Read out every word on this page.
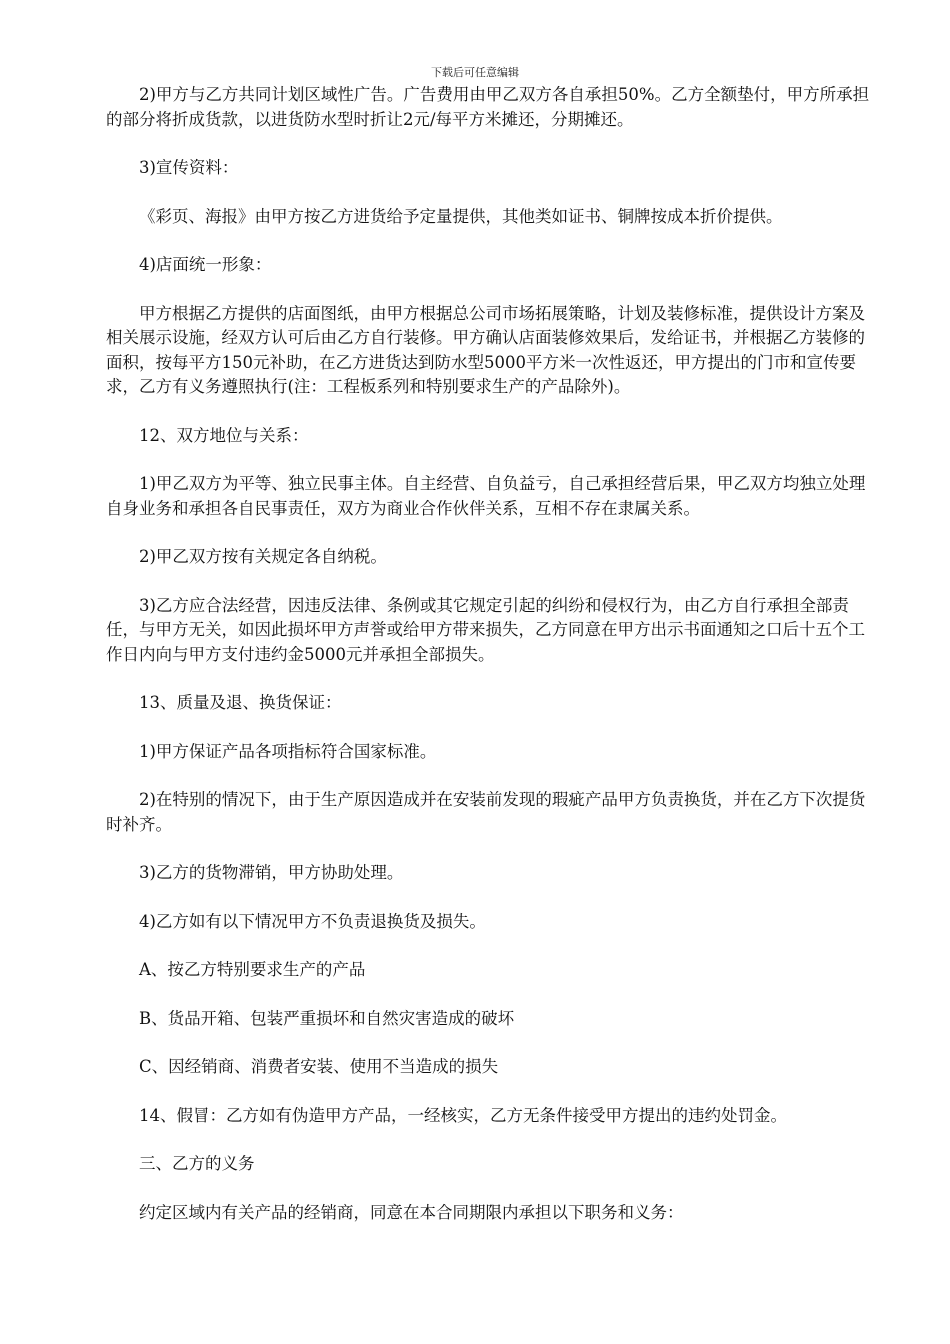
下载后可任意编辑

2)甲方与乙方共同计划区域性广告。广告费用由甲乙双方各自承担50%。乙方全额垫付，甲方所承担的部分将折成货款，以进货防水型时折让2元/每平方米摊还，分期摊还。

3)宣传资料：

《彩页、海报》由甲方按乙方进货给予定量提供，其他类如证书、铜牌按成本折价提供。

4)店面统一形象：

甲方根据乙方提供的店面图纸，由甲方根据总公司市场拓展策略，计划及装修标准，提供设计方案及相关展示设施，经双方认可后由乙方自行装修。甲方确认店面装修效果后，发给证书，并根据乙方装修的面积，按每平方150元补助，在乙方进货达到防水型5000平方米一次性返还，甲方提出的门市和宣传要求，乙方有义务遵照执行(注：工程板系列和特别要求生产的产品除外)。

12、双方地位与关系：

1)甲乙双方为平等、独立民事主体。自主经营、自负益亏，自己承担经营后果，甲乙双方均独立处理自身业务和承担各自民事责任，双方为商业合作伙伴关系，互相不存在隶属关系。

2)甲乙双方按有关规定各自纳税。

3)乙方应合法经营，因违反法律、条例或其它规定引起的纠纷和侵权行为，由乙方自行承担全部责任，与甲方无关，如因此损坏甲方声誉或给甲方带来损失，乙方同意在甲方出示书面通知之口后十五个工作日内向与甲方支付违约金5000元并承担全部损失。

13、质量及退、换货保证：

1)甲方保证产品各项指标符合国家标准。

2)在特别的情况下，由于生产原因造成并在安装前发现的瑕疵产品甲方负责换货，并在乙方下次提货时补齐。

3)乙方的货物滞销，甲方协助处理。

4)乙方如有以下情况甲方不负责退换货及损失。

A、按乙方特别要求生产的产品

B、货品开箱、包装严重损坏和自然灾害造成的破坏

C、因经销商、消费者安装、使用不当造成的损失

14、假冒：乙方如有伪造甲方产品，一经核实，乙方无条件接受甲方提出的违约处罚金。

三、乙方的义务

约定区域内有关产品的经销商，同意在本合同期限内承担以下职务和义务：
